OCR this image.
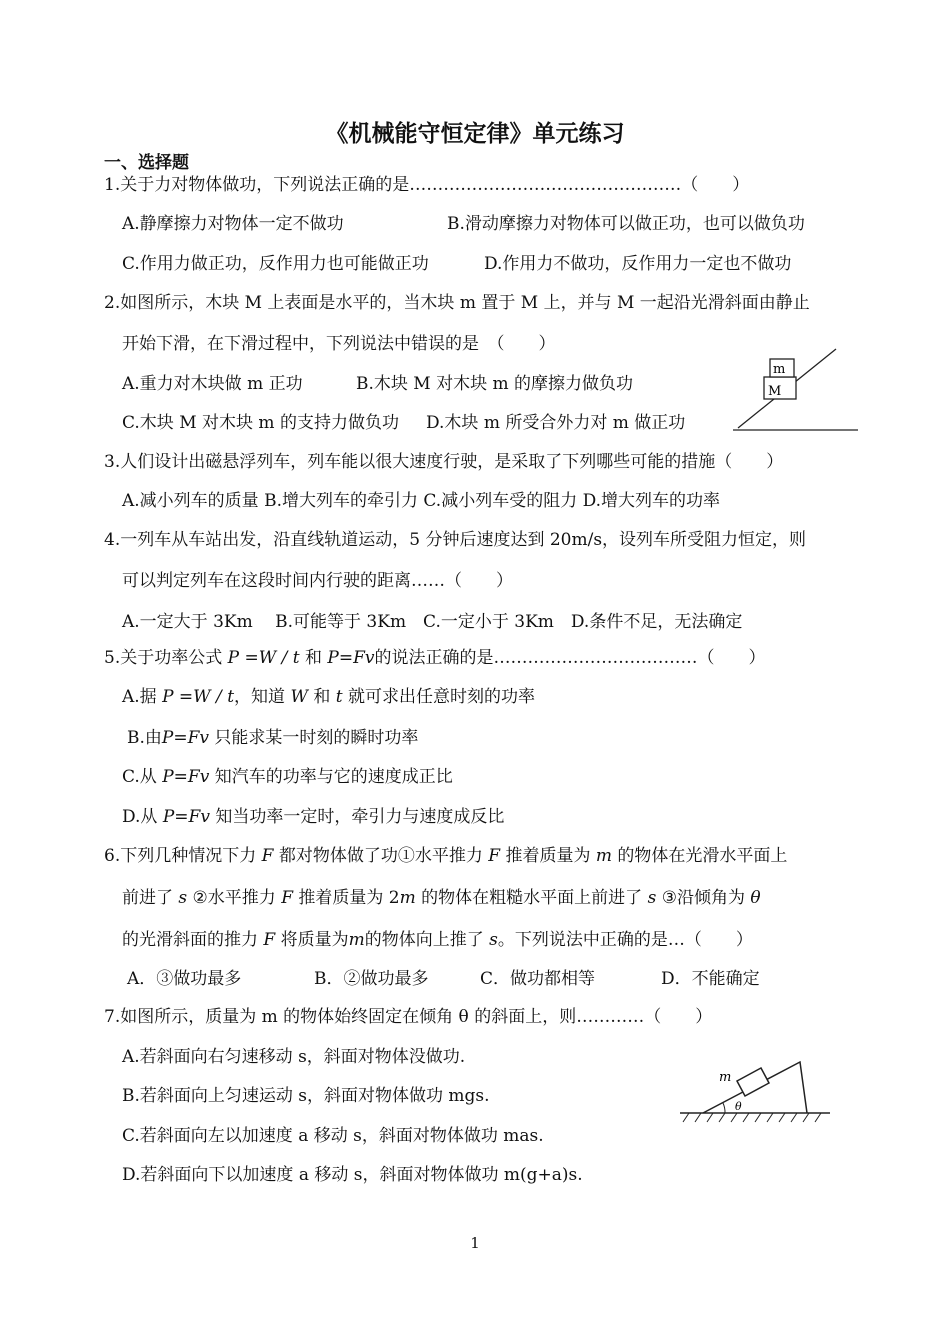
《机械能守恒定律》单元练习
一、选择题
1.关于力对物体做功，下列说法正确的是…………………………………………（　　）
A.静摩擦力对物体一定不做功	B.滑动摩擦力对物体可以做正功，也可以做负功
C.作用力做正功，反作用力也可能做正功	D.作用力不做功，反作用力一定也不做功
2.如图所示，木块 M 上表面是水平的，当木块 m 置于 M 上，并与 M 一起沿光滑斜面由静止
开始下滑，在下滑过程中，下列说法中错误的是　（　　）
A.重力对木块做 m 正功	B.木块 M 对木块 m 的摩擦力做负功
C.木块 M 对木块 m 的支持力做负功 D.木块 m 所受合外力对 m 做正功
m
M
3.人们设计出磁悬浮列车，列车能以很大速度行驶，是采取了下列哪些可能的措施（　　）
A.减小列车的质量 B.增大列车的牵引力 C.减小列车受的阻力 D.增大列车的功率
4.一列车从车站出发，沿直线轨道运动，5 分钟后速度达到 20m/s，设列车所受阻力恒定，则
可以判定列车在这段时间内行驶的距离……（　　）
A.一定大于 3Km　 B.可能等于 3Km　C.一定小于 3Km　D.条件不足，无法确定
5.关于功率公式 P =W / t 和 P=Fv的说法正确的是………………………………（　　）
A.据 P =W / t，知道 W 和 t 就可求出任意时刻的功率
B.由P=Fv 只能求某一时刻的瞬时功率
C.从 P=Fv 知汽车的功率与它的速度成正比
D.从 P=Fv 知当功率一定时，牵引力与速度成反比
6.下列几种情况下力 F 都对物体做了功①水平推力 F 推着质量为 m 的物体在光滑水平面上
前进了 s ②水平推力 F 推着质量为 2m 的物体在粗糙水平面上前进了 s ③沿倾角为 θ
的光滑斜面的推力 F 将质量为m的物体向上推了 s。下列说法中正确的是…（　　）
A．③做功最多	B．②做功最多	C．做功都相等	D．不能确定
7.如图所示，质量为 m 的物体始终固定在倾角 θ 的斜面上，则…………（　　）
A.若斜面向右匀速移动 s，斜面对物体没做功.
B.若斜面向上匀速运动 s，斜面对物体做功 mgs.
C.若斜面向左以加速度 a 移动 s，斜面对物体做功 mas.
D.若斜面向下以加速度 a 移动 s，斜面对物体做功 m(g+a)s.
θ
m
1
